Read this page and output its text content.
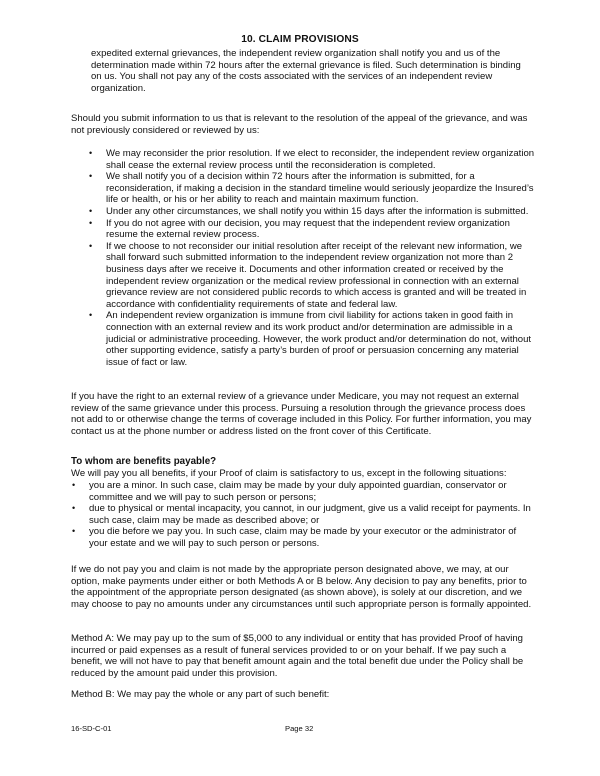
10. CLAIM PROVISIONS

expedited external grievances, the independent review organization shall notify you and us of the determination made within 72 hours after the external grievance is filed. Such determination is binding on us. You shall not pay any of the costs associated with the services of an independent review organization.

Should you submit information to us that is relevant to the resolution of the appeal of the grievance, and was not previously considered or reviewed by us:

• We may reconsider the prior resolution. If we elect to reconsider, the independent review organization shall cease the external review process until the reconsideration is completed.
• We shall notify you of a decision within 72 hours after the information is submitted, for a reconsideration, if making a decision in the standard timeline would seriously jeopardize the Insured’s life or health, or his or her ability to reach and maintain maximum function.
• Under any other circumstances, we shall notify you within 15 days after the information is submitted.
• If you do not agree with our decision, you may request that the independent review organization resume the external review process.
• If we choose to not reconsider our initial resolution after receipt of the relevant new information, we shall forward such submitted information to the independent review organization not more than 2 business days after we receive it. Documents and other information created or received by the independent review organization or the medical review professional in connection with an external grievance review are not considered public records to which access is granted and will be treated in accordance with confidentiality requirements of state and federal law.
• An independent review organization is immune from civil liability for actions taken in good faith in connection with an external review and its work product and/or determination are admissible in a judicial or administrative proceeding. However, the work product and/or determination do not, without other supporting evidence, satisfy a party’s burden of proof or persuasion concerning any material issue of fact or law.

If you have the right to an external review of a grievance under Medicare, you may not request an external review of the same grievance under this process. Pursuing a resolution through the grievance process does not add to or otherwise change the terms of coverage included in this Policy. For further information, you may contact us at the phone number or address listed on the front cover of this Certificate.

To whom are benefits payable?

We will pay you all benefits, if your Proof of claim is satisfactory to us, except in the following situations:

• you are a minor. In such case, claim may be made by your duly appointed guardian, conservator or committee and we will pay to such person or persons;
• due to physical or mental incapacity, you cannot, in our judgment, give us a valid receipt for payments. In such case, claim may be made as described above; or
• you die before we pay you. In such case, claim may be made by your executor or the administrator of your estate and we will pay to such person or persons.

If we do not pay you and claim is not made by the appropriate person designated above, we may, at our option, make payments under either or both Methods A or B below. Any decision to pay any benefits, prior to the appointment of the appropriate person designated (as shown above), is solely at our discretion, and we may choose to pay no amounts under any circumstances until such appropriate person is formally appointed.

Method A: We may pay up to the sum of $5,000 to any individual or entity that has provided Proof of having incurred or paid expenses as a result of funeral services provided to or on your behalf. If we pay such a benefit, we will not have to pay that benefit amount again and the total benefit due under the Policy shall be reduced by the amount paid under this provision.

Method B: We may pay the whole or any part of such benefit:

16-SD-C-01	Page 32
